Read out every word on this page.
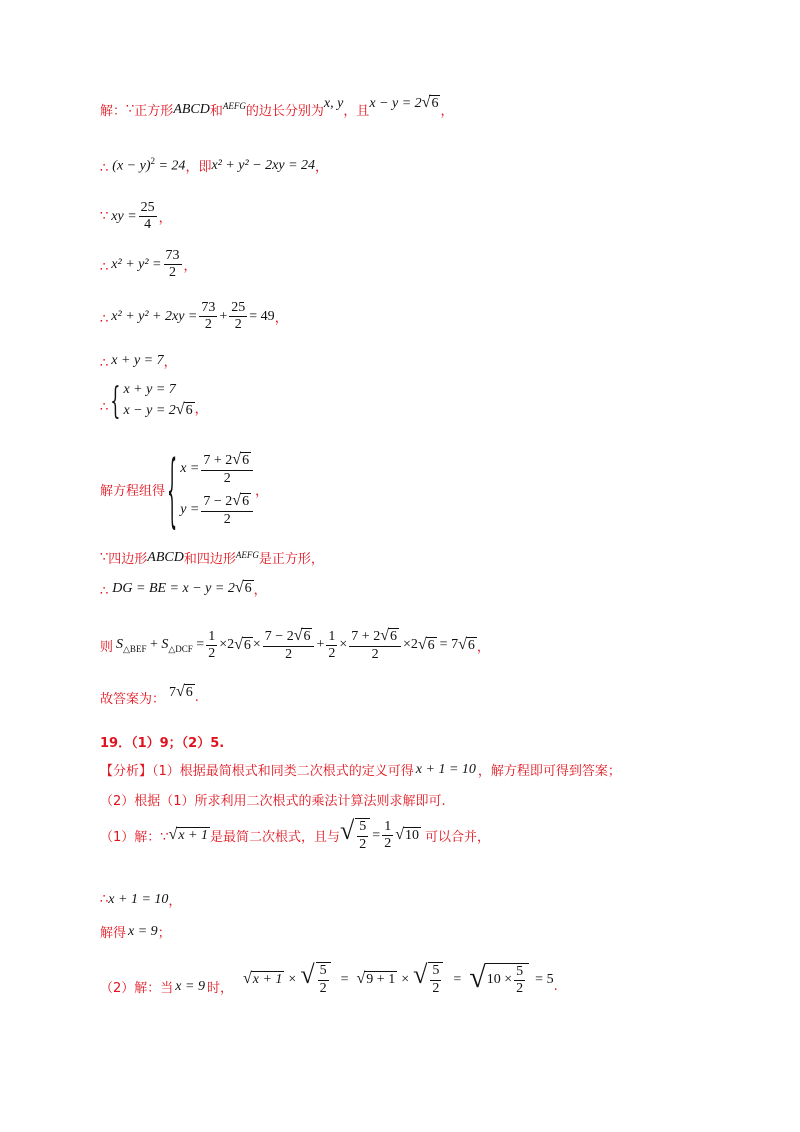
解： ∵ 正方形 ABCD 和 AEFG 的边长分别为
x, y
，且
x − y = 2 √ 6
，
∴ $(x - y)^2 = 24$ ，即 x² + y² − 2xy = 24 ，
∵ xy = $\frac{25}{4}$ ，
∴ $x^2 + y^2 = \frac{73}{2}$ ，
∴ $x^2 + y^2 + 2xy = \frac{73}{2} + \frac{25}{2} = 49$ ，
∴ x + y = 7 ，
∴ { x + y = 7
x − y = 2 √ 6 ，
解方程组得 { $x = \frac{7 + 2 √ 6}{2}$
$y = \frac{7 - 2 √ 6}{2}$
，
∵ 四边形 ABCD 和四边形 AEFG 是正方形，
∴ DG = BE = x − y = 2 √ 6 ，
则 $S_{\triangle BEF} + S_{\triangle DCF} = \frac{1}{2} \times 2$ √ $6 \times \frac{7 - 2 √ 6}{2} + \frac{1}{2} \times \frac{7 + 2 √ 6}{2} \times 2$ √ 6 = 7 √ 6 ，
故答案为： 7 √ 6 .
19．（1）9；（2）5.
【分析】（1）根据最简根式和同类二次根式的定义可得 x + 1 = 10 ，解方程即可得到答案；
（2）根据（1）所求利用二次根式的乘法计算法则求解即可.
（1）解：∵ √ x + 1 是最简二次根式，且与 √ $\frac{5}{2} = \frac{1}{2}$ √ 10 可以合并，
∴ x + 1 = 10 ，
解得 x = 9 ；
（2）解：当 x = 9 时，
√ x + 1 × √ $\frac{5}{2}$ = √ 9 + 1 × √ $\frac{5}{2}$ = √ $10 \times \frac{5}{2} = 5$ .
